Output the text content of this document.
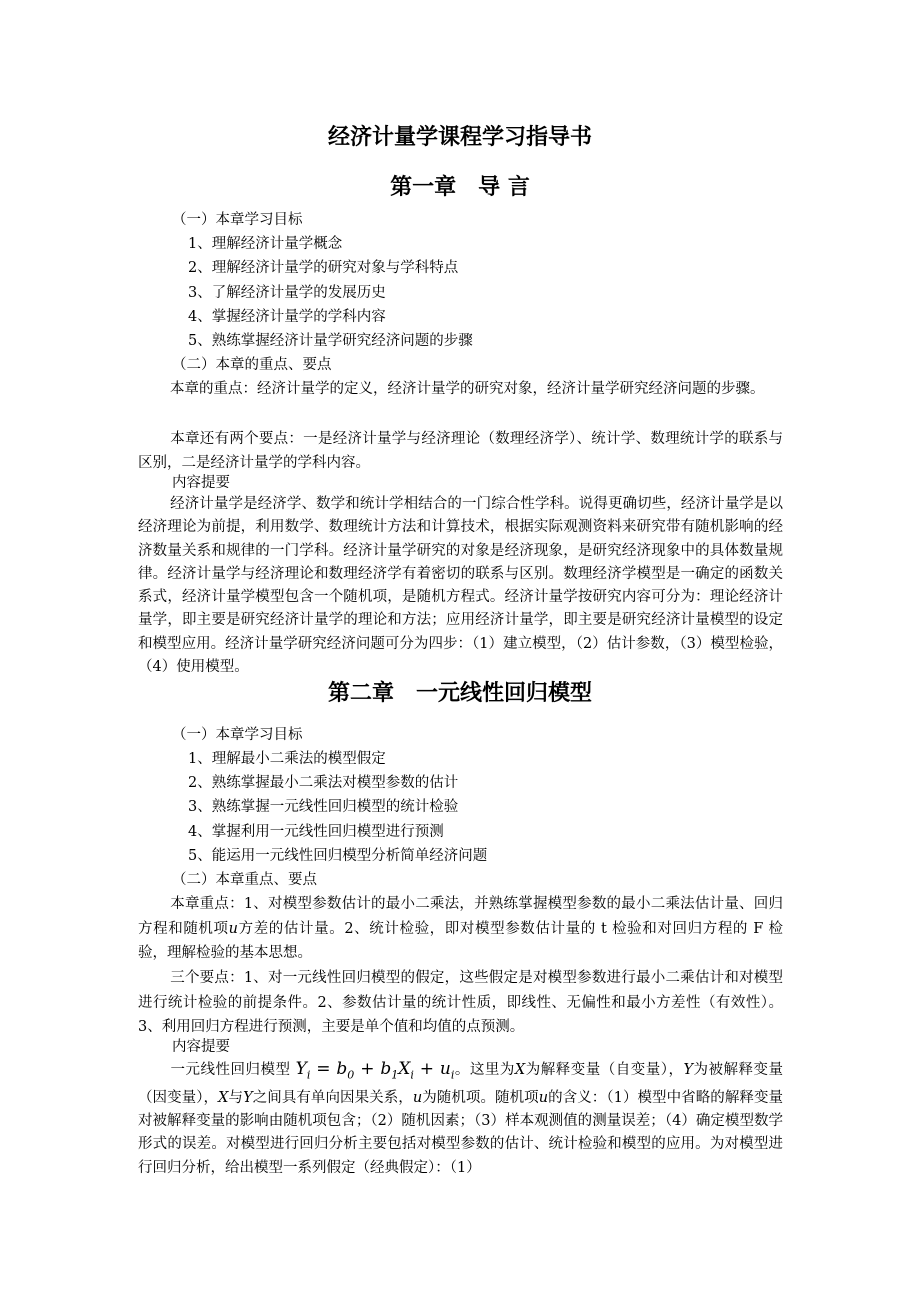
经济计量学课程学习指导书
第一章　导 言
（一）本章学习目标
1、理解经济计量学概念
2、理解经济计量学的研究对象与学科特点
3、了解经济计量学的发展历史
4、掌握经济计量学的学科内容
5、熟练掌握经济计量学研究经济问题的步骤
（二）本章的重点、要点
本章的重点：经济计量学的定义，经济计量学的研究对象，经济计量学研究经济问题的步骤。
本章还有两个要点：一是经济计量学与经济理论（数理经济学）、统计学、数理统计学的联系与区别，二是经济计量学的学科内容。
内容提要
经济计量学是经济学、数学和统计学相结合的一门综合性学科。说得更确切些，经济计量学是以经济理论为前提，利用数学、数理统计方法和计算技术，根据实际观测资料来研究带有随机影响的经济数量关系和规律的一门学科。经济计量学研究的对象是经济现象，是研究经济现象中的具体数量规律。经济计量学与经济理论和数理经济学有着密切的联系与区别。数理经济学模型是一确定的函数关系式，经济计量学模型包含一个随机项，是随机方程式。经济计量学按研究内容可分为：理论经济计量学，即主要是研究经济计量学的理论和方法；应用经济计量学，即主要是研究经济计量模型的设定和模型应用。经济计量学研究经济问题可分为四步：（1）建立模型，（2）估计参数，（3）模型检验，（4）使用模型。
第二章　一元线性回归模型
（一）本章学习目标
1、理解最小二乘法的模型假定
2、熟练掌握最小二乘法对模型参数的估计
3、熟练掌握一元线性回归模型的统计检验
4、掌握利用一元线性回归模型进行预测
5、能运用一元线性回归模型分析简单经济问题
（二）本章重点、要点
本章重点：1、对模型参数估计的最小二乘法，并熟练掌握模型参数的最小二乘法估计量、回归方程和随机项u方差的估计量。2、统计检验，即对模型参数估计量的 t 检验和对回归方程的 F 检验，理解检验的基本思想。
三个要点：1、对一元线性回归模型的假定，这些假定是对模型参数进行最小二乘估计和对模型进行统计检验的前提条件。2、参数估计量的统计性质，即线性、无偏性和最小方差性（有效性）。3、利用回归方程进行预测，主要是单个值和均值的点预测。
内容提要
一元线性回归模型 $Y_i = b_0 + b_1X_i + u_i$。这里为X为解释变量（自变量），Y为被解释变量（因变量），X与Y之间具有单向因果关系，u为随机项。随机项u的含义：（1）模型中省略的解释变量对被解释变量的影响由随机项包含；（2）随机因素；（3）样本观测值的测量误差；（4）确定模型数学形式的误差。对模型进行回归分析主要包括对模型参数的估计、统计检验和模型的应用。为对模型进行回归分析，给出模型一系列假定（经典假定）：（1）
